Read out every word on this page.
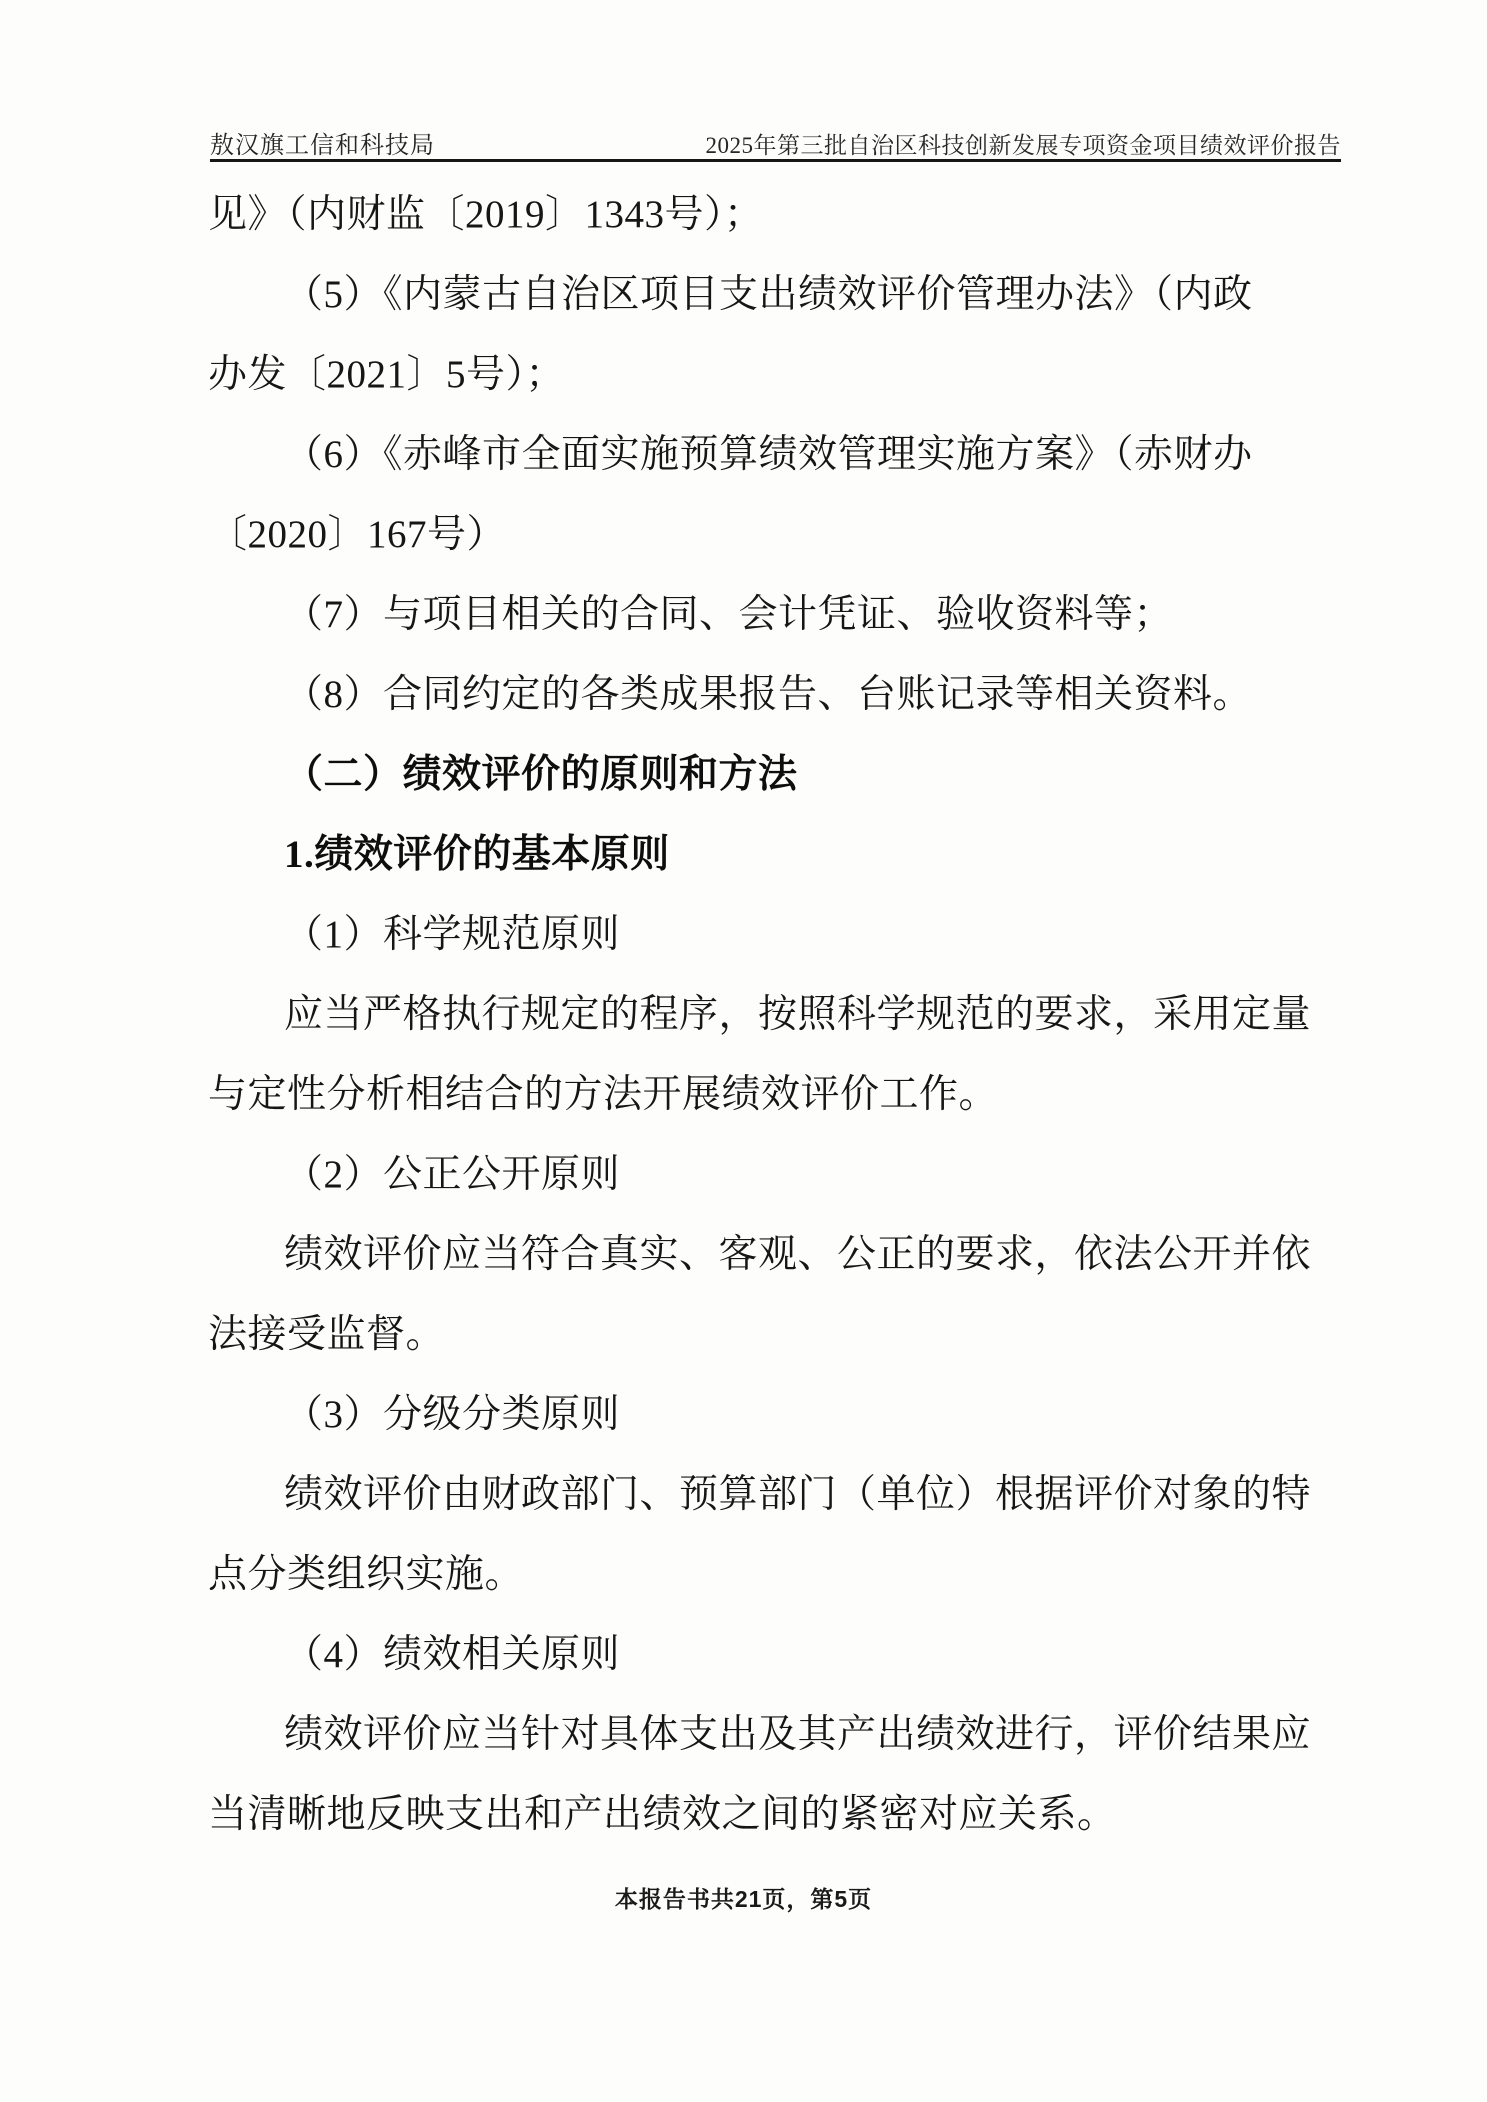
敖汉旗工信和科技局	2025年第三批自治区科技创新发展专项资金项目绩效评价报告
见》（内财监〔2019〕1343号）；
（5）《内蒙古自治区项目支出绩效评价管理办法》（内政
办发〔2021〕5号）；
（6）《赤峰市全面实施预算绩效管理实施方案》（赤财办
〔2020〕167号）
（7）与项目相关的合同、会计凭证、验收资料等；
（8）合同约定的各类成果报告、台账记录等相关资料。
（二）绩效评价的原则和方法
1.绩效评价的基本原则
（1）科学规范原则
应当严格执行规定的程序，按照科学规范的要求，采用定量
与定性分析相结合的方法开展绩效评价工作。
（2）公正公开原则
绩效评价应当符合真实、客观、公正的要求，依法公开并依
法接受监督。
（3）分级分类原则
绩效评价由财政部门、预算部门（单位）根据评价对象的特
点分类组织实施。
（4）绩效相关原则
绩效评价应当针对具体支出及其产出绩效进行，评价结果应
当清晰地反映支出和产出绩效之间的紧密对应关系。
本报告书共21页，第5页
